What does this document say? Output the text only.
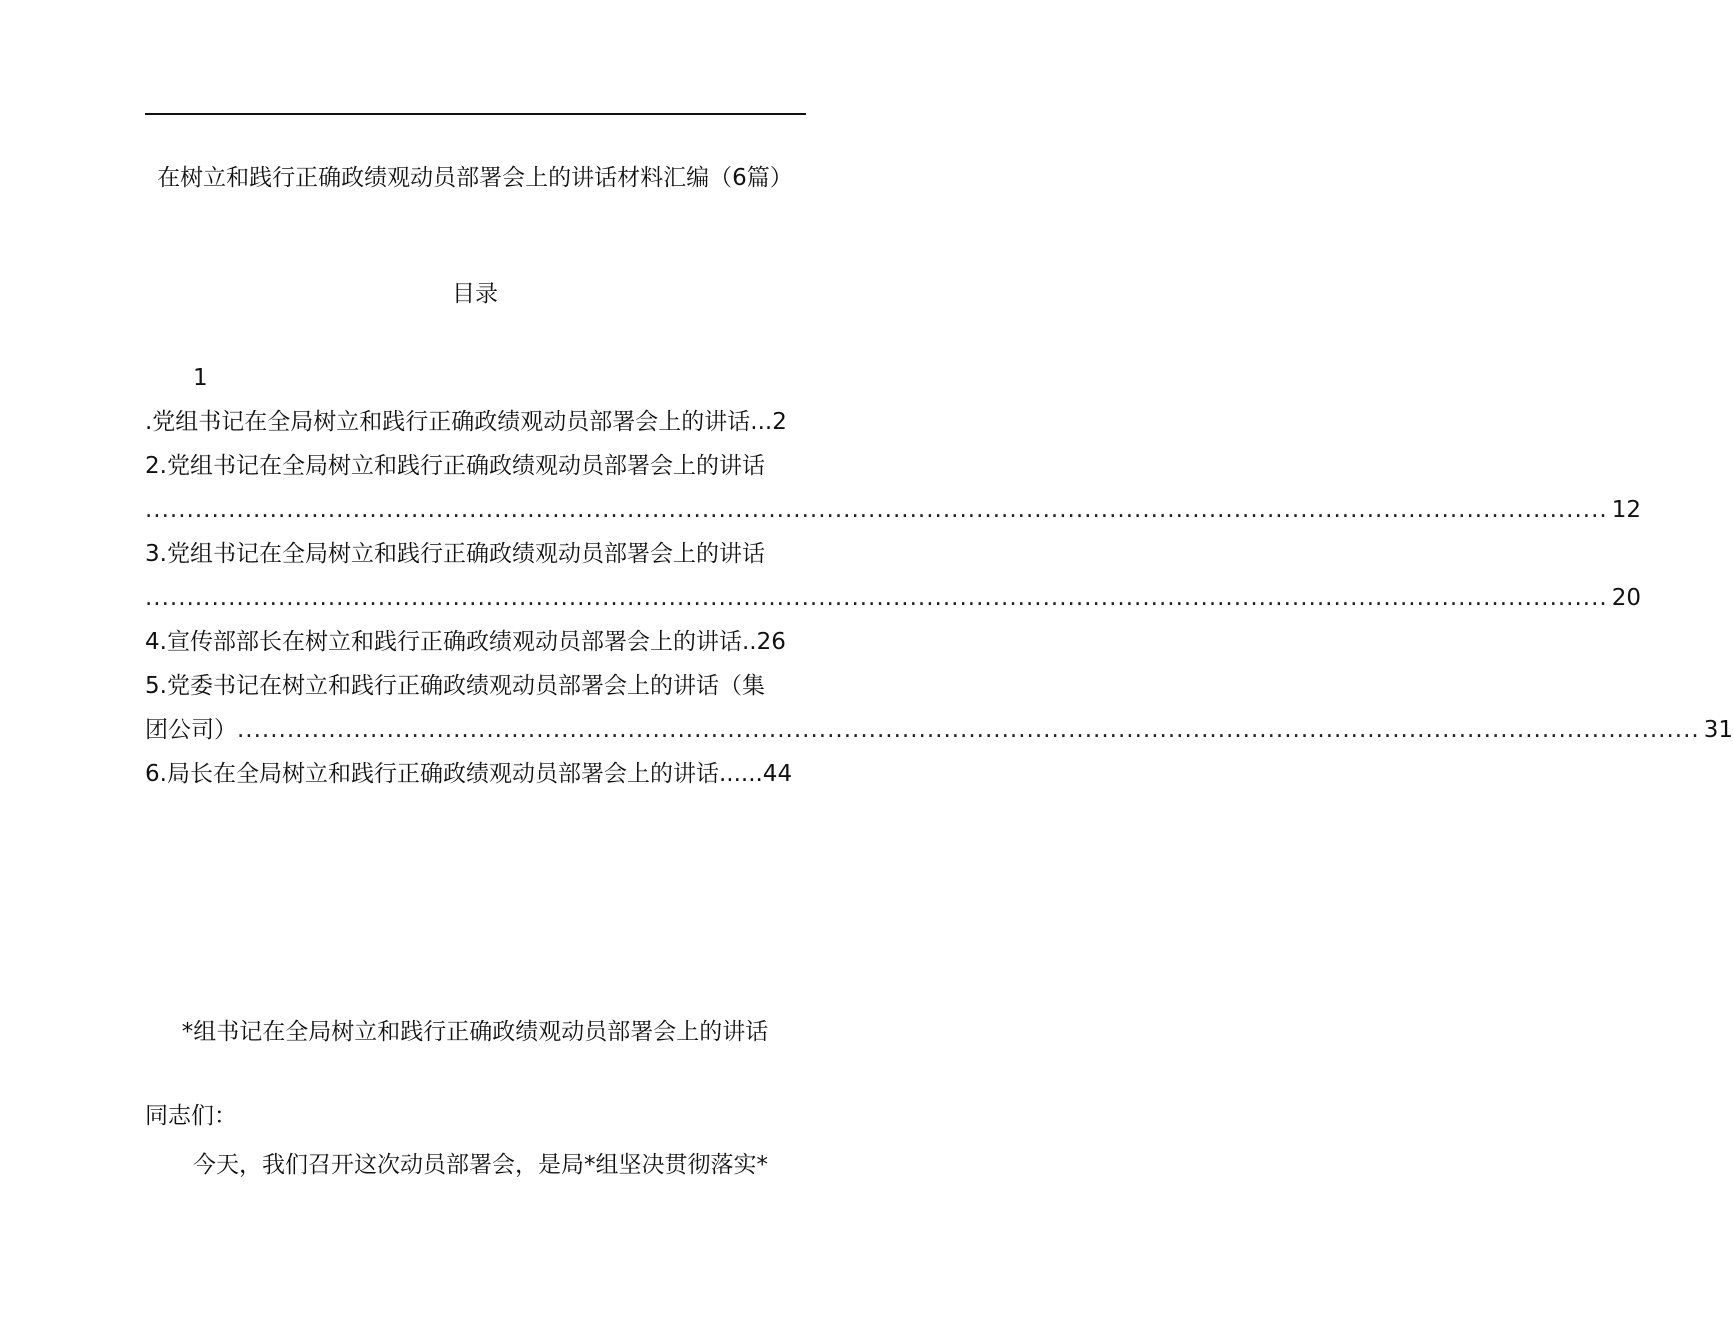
在树立和践行正确政绩观动员部署会上的讲话材料汇编（6篇）
目录
1
.党组书记在全局树立和践行正确政绩观动员部署会上的讲话...2
2.党组书记在全局树立和践行正确政绩观动员部署会上的讲话
................................................................................................................................................................................ 12
3.党组书记在全局树立和践行正确政绩观动员部署会上的讲话
................................................................................................................................................................................ 20
4.宣传部部长在树立和践行正确政绩观动员部署会上的讲话..26
5.党委书记在树立和践行正确政绩观动员部署会上的讲话（集
团公司） ................................................................................................................................................................................ 31
6.局长在全局树立和践行正确政绩观动员部署会上的讲话......44
*组书记在全局树立和践行正确政绩观动员部署会上的讲话
同志们：
今天，我们召开这次动员部署会，是局*组坚决贯彻落实*
